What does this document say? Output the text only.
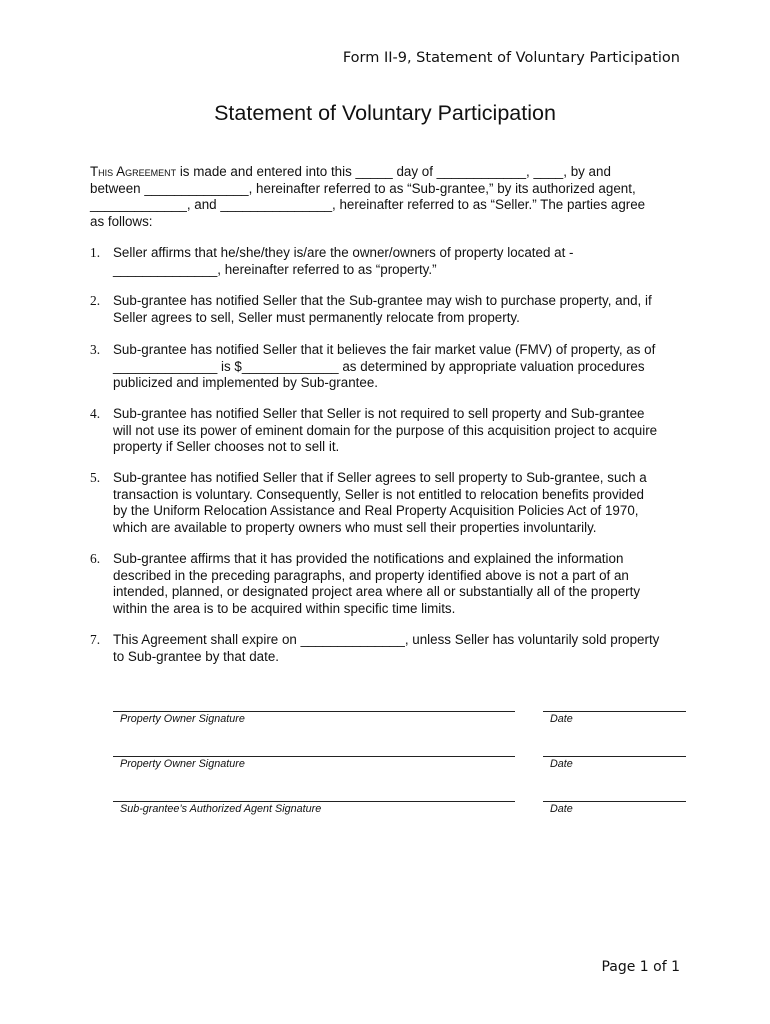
Form II-9, Statement of Voluntary Participation
Statement of Voluntary Participation

This Agreement is made and entered into this _____ day of ____________, ____, by and

between ______________, hereinafter referred to as “Sub-grantee,” by its authorized agent,

_____________, and _______________, hereinafter referred to as “Seller.” The parties agree

as follows:

1. Seller affirms that he/she/they is/are the owner/owners of property located at -
______________, hereinafter referred to as “property.”
2. Sub-grantee has notified Seller that the Sub-grantee may wish to purchase property, and, if
Seller agrees to sell, Seller must permanently relocate from property.
3. Sub-grantee has notified Seller that it believes the fair market value (FMV) of property, as of
______________ is $_____________ as determined by appropriate valuation procedures
publicized and implemented by Sub-grantee.
4. Sub-grantee has notified Seller that Seller is not required to sell property and Sub-grantee
will not use its power of eminent domain for the purpose of this acquisition project to acquire
property if Seller chooses not to sell it.
5. Sub-grantee has notified Seller that if Seller agrees to sell property to Sub-grantee, such a
transaction is voluntary. Consequently, Seller is not entitled to relocation benefits provided
by the Uniform Relocation Assistance and Real Property Acquisition Policies Act of 1970,
which are available to property owners who must sell their properties involuntarily.
6. Sub-grantee affirms that it has provided the notifications and explained the information
described in the preceding paragraphs, and property identified above is not a part of an
intended, planned, or designated project area where all or substantially all of the property
within the area is to be acquired within specific time limits.
7. This Agreement shall expire on ______________, unless Seller has voluntarily sold property
to Sub-grantee by that date.
Property Owner Signature	Date
Property Owner Signature	Date
Sub-grantee’s Authorized Agent Signature	Date
Page 1 of 1
